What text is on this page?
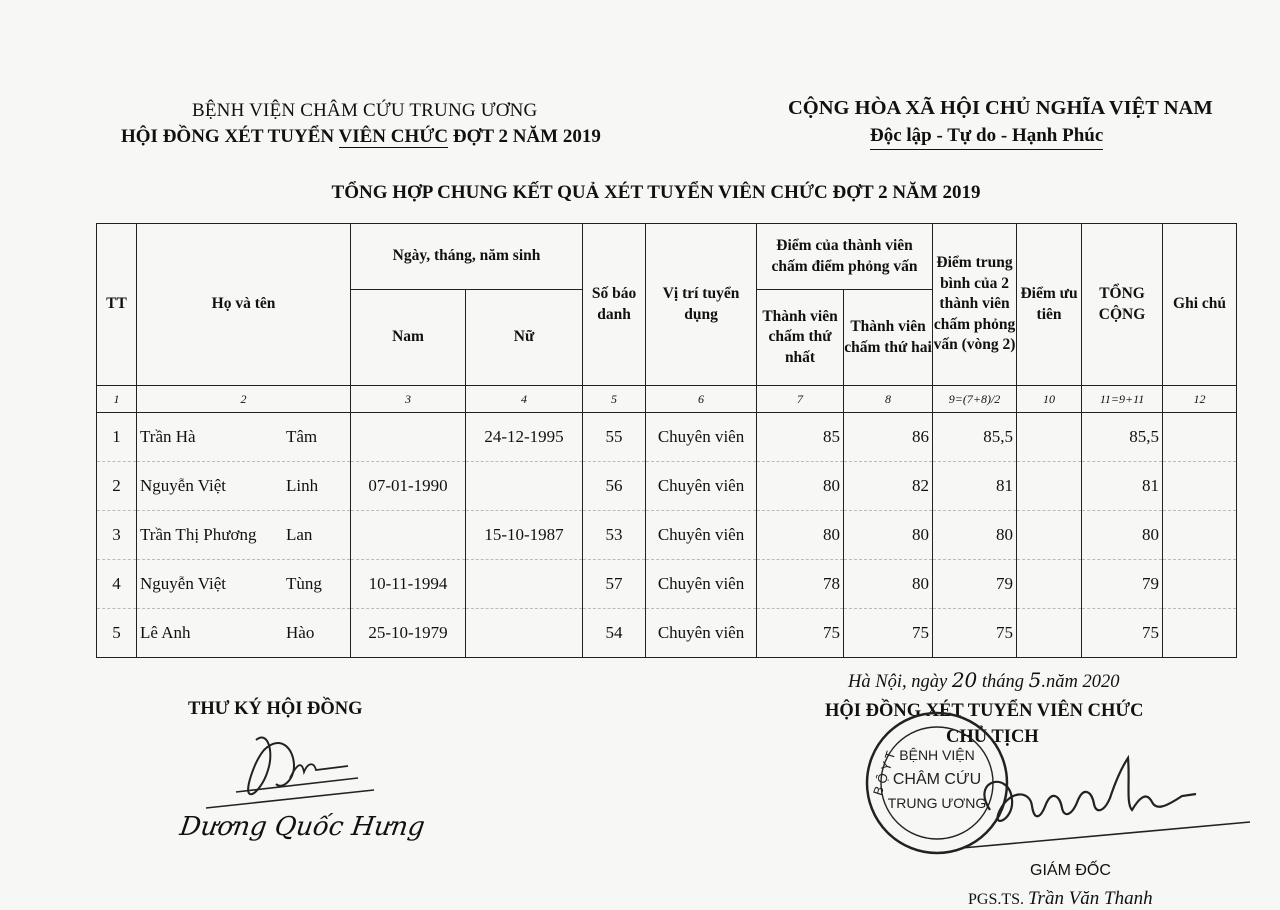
BỆNH VIỆN CHÂM CỨU TRUNG ƯƠNG
HỘI ĐỒNG XÉT TUYỂN VIÊN CHỨC ĐỢT 2 NĂM 2019
CỘNG HÒA XÃ HỘI CHỦ NGHĨA VIỆT NAM
Độc lập - Tự do - Hạnh Phúc
TỔNG HỢP CHUNG KẾT QUẢ XÉT TUYỂN VIÊN CHỨC ĐỢT 2 NĂM 2019
TT	Họ và tên	Ngày, tháng, năm sinh		Số báo danh	Vị trí tuyển dụng	Điểm của thành viên chấm điểm phỏng vấn		Điểm trung bình của 2 thành viên chấm phỏng vấn (vòng 2)	Điểm ưu tiên	TỔNG CỘNG	Ghi chú
		Nam	Nữ			Thành viên chấm thứ nhất	Thành viên chấm thứ hai				
1	2	3	4	5	6	7	8	9=(7+8)/2	10	11=9+11	12
1	Trần Hà Tâm		24-12-1995	55	Chuyên viên	85	86	85,5		85,5	
2	Nguyễn Việt Linh	07-01-1990		56	Chuyên viên	80	82	81		81	
3	Trần Thị Phương Lan		15-10-1987	53	Chuyên viên	80	80	80		80	
4	Nguyễn Việt Tùng	10-11-1994		57	Chuyên viên	78	80	79		79	
5	Lê Anh Hào	25-10-1979		54	Chuyên viên	75	75	75		75	
Hà Nội, ngày 20 tháng 5.năm 2020
THƯ KÝ HỘI ĐỒNG
Dương Quốc Hưng
HỘI ĐỒNG XÉT TUYỂN VIÊN CHỨC
CHỦ TỊCH
B Ộ Y T BỆNH VIỆN
CHÂM CỨU
TRUNG ƯƠNG
GIÁM ĐỐC
PGS.TS. Trần Văn Thanh
